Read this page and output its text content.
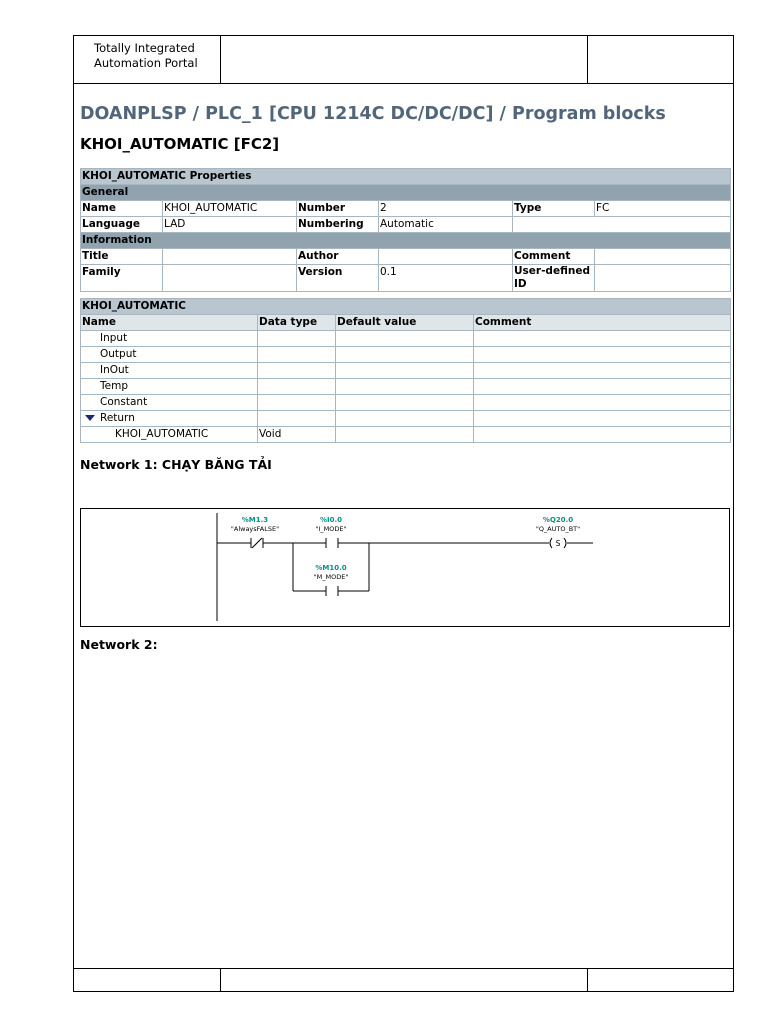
Totally Integrated
Automation Portal
DOANPLSP / PLC_1 [CPU 1214C DC/DC/DC] / Program blocks
KHOI_AUTOMATIC [FC2]
KHOI_AUTOMATIC Properties					
General					
Name	KHOI_AUTOMATIC	Number	2	Type	FC
Language	LAD	Numbering	Automatic		
Information					
Title		Author		Comment	
Family		Version	0.1	User-defined
ID	

KHOI_AUTOMATIC			
Name	Data type	Default value	Comment
Input			
Output			
InOut			
Temp			
Constant			
Return			
KHOI_AUTOMATIC	Void		
Network 1: CHẠY BĂNG TẢI
%M1.3
"AlwaysFALSE"
%I0.0
"I_MODE"
%M10.0
"M_MODE"
S
%Q20.0
"Q_AUTO_BT"
Network 2:
